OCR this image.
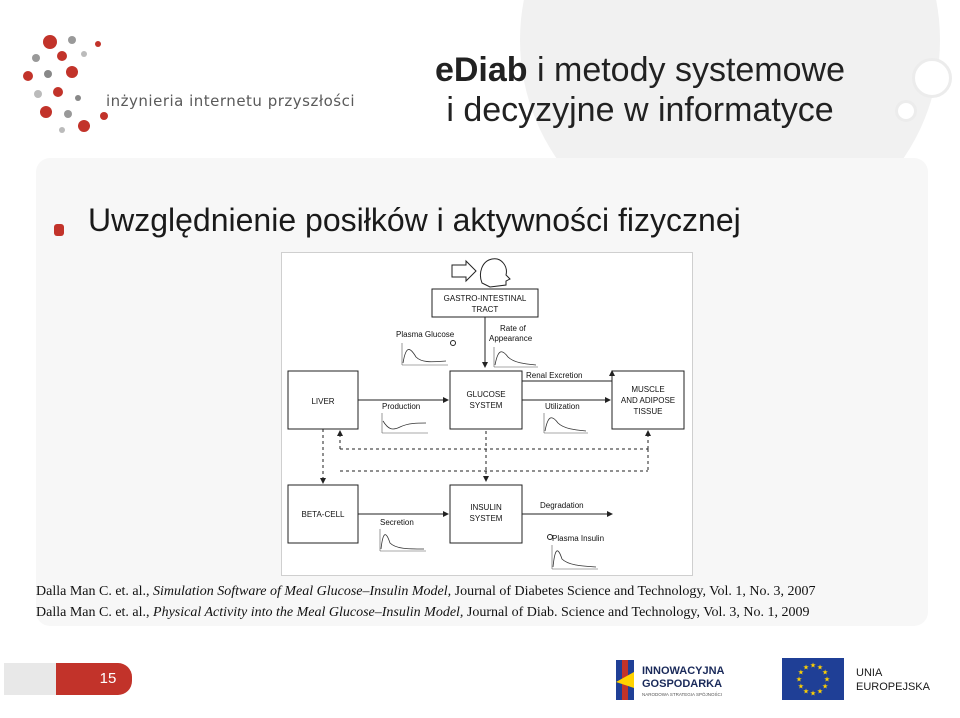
inżynieria internetu przyszłości
eDiab i metody systemowe
i decyzyjne w informatyce
Uwzględnienie posiłków i aktywności fizycznej
GASTRO-INTESTINAL
TRACT
Plasma Glucose
Rate of
Appearance
LIVER
GLUCOSE
SYSTEM
MUSCLE
AND ADIPOSE
TISSUE
Renal Excretion
Production	Utilization
BETA-CELL
INSULIN
SYSTEM
Degradation
Secretion
Plasma Insulin
Dalla Man C. et. al., Simulation Software of Meal Glucose–Insulin Model, Journal of Diabetes Science and Technology, Vol. 1, No. 3, 2007
Dalla Man C. et. al., Physical Activity into the Meal Glucose–Insulin Model, Journal of Diab. Science and Technology, Vol. 3, No. 1, 2009
15	INNOWACYJNA
GOSPODARKA
NARODOWA STRATEGIA SPÓJNOŚCI
★ ★
★
★
★
★
★
★
★
★
★
★	UNIA
EUROPEJSKA
